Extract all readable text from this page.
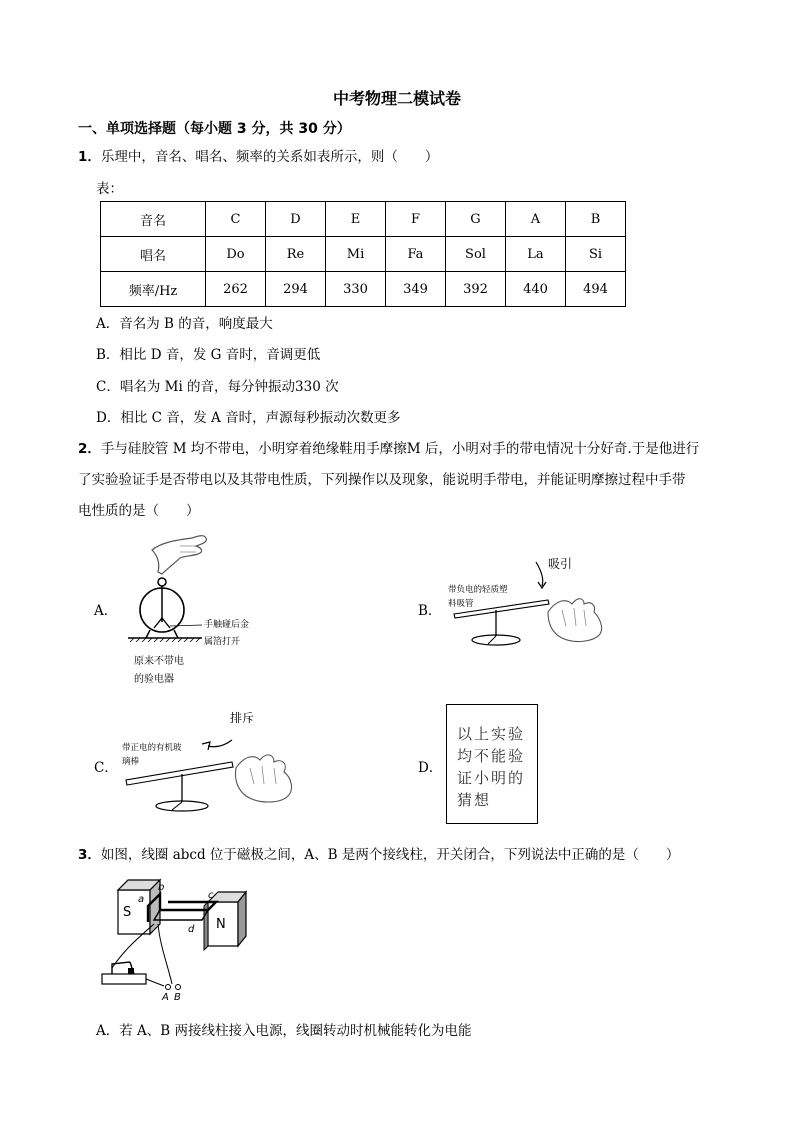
中考物理二模试卷
一、单项选择题（每小题 3 分，共 30 分）
1．乐理中，音名、唱名、频率的关系如表所示，则（　　）
表：
音名	C	D	E	F	G	A	B
唱名	Do	Re	Mi	Fa	Sol	La	Si
频率/Hz	262	294	330	349	392	440	494
A．音名为 B 的音，响度最大
B．相比 D 音，发 G 音时，音调更低
C．唱名为 Mi 的音，每分钟振动330 次
D．相比 C 音，发 A 音时，声源每秒振动次数更多
2．手与硅胶管 M 均不带电，小明穿着绝缘鞋用手摩擦M 后，小明对手的带电情况十分好奇.于是他进行
了实验验证手是否带电以及其带电性质，下列操作以及现象，能说明手带电，并能证明摩擦过程中手带
电性质的是（　　）
A．
手触碰后金
属箔打开
原来不带电
的验电器
B．
吸引
带负电的轻质塑
料吸管
C．
排斥
带正电的有机玻
璃棒	D．
以上实验均不能验证小明的猜想
3．如图，线圈 abcd 位于磁极之间，A、B 是两个接线柱，开关闭合，下列说法中正确的是（　　）
S
N
a
b
c
d
A B
A．若 A、B 两接线柱接入电源，线圈转动时机械能转化为电能
